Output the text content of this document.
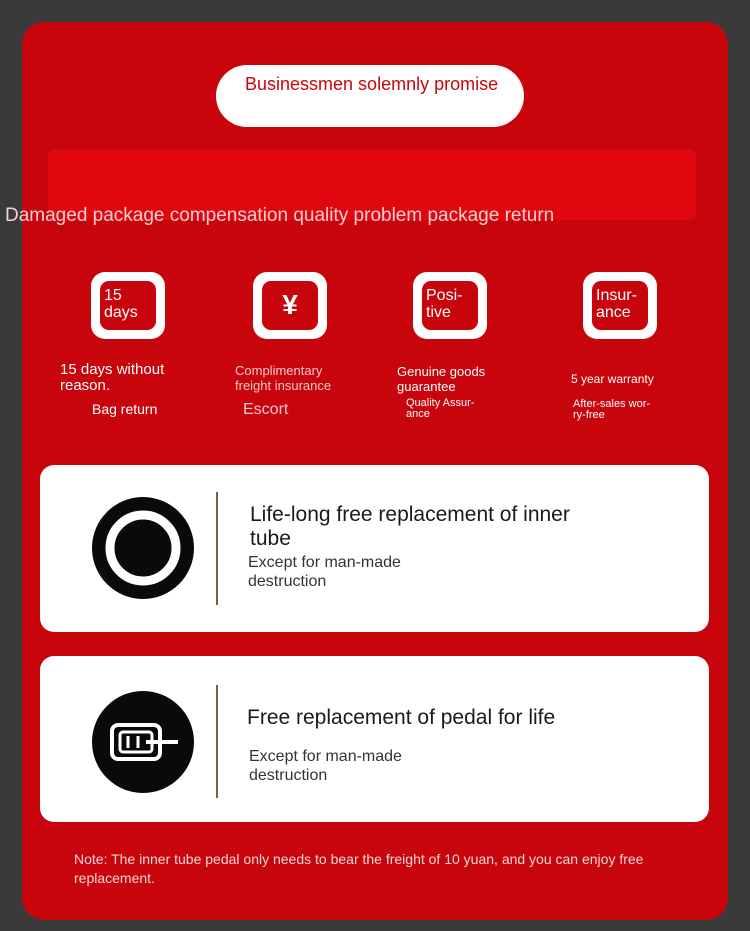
Businessmen solemnly promise
Damaged package compensation quality problem package return
15
days	¥	Posi-
tive
Insur-
ance
15 days without
reason.
Bag return
Complimentary
freight insurance
Escort
Genuine goods
guarantee
Quality Assur-
ance
5 year warranty
After-sales wor-
ry-free
Life-long free replacement of inner tube
Except for man-made destruction
Free replacement of pedal for life
Except for man-made destruction
Note: The inner tube pedal only needs to bear the freight of 10 yuan, and you can enjoy free replacement.
